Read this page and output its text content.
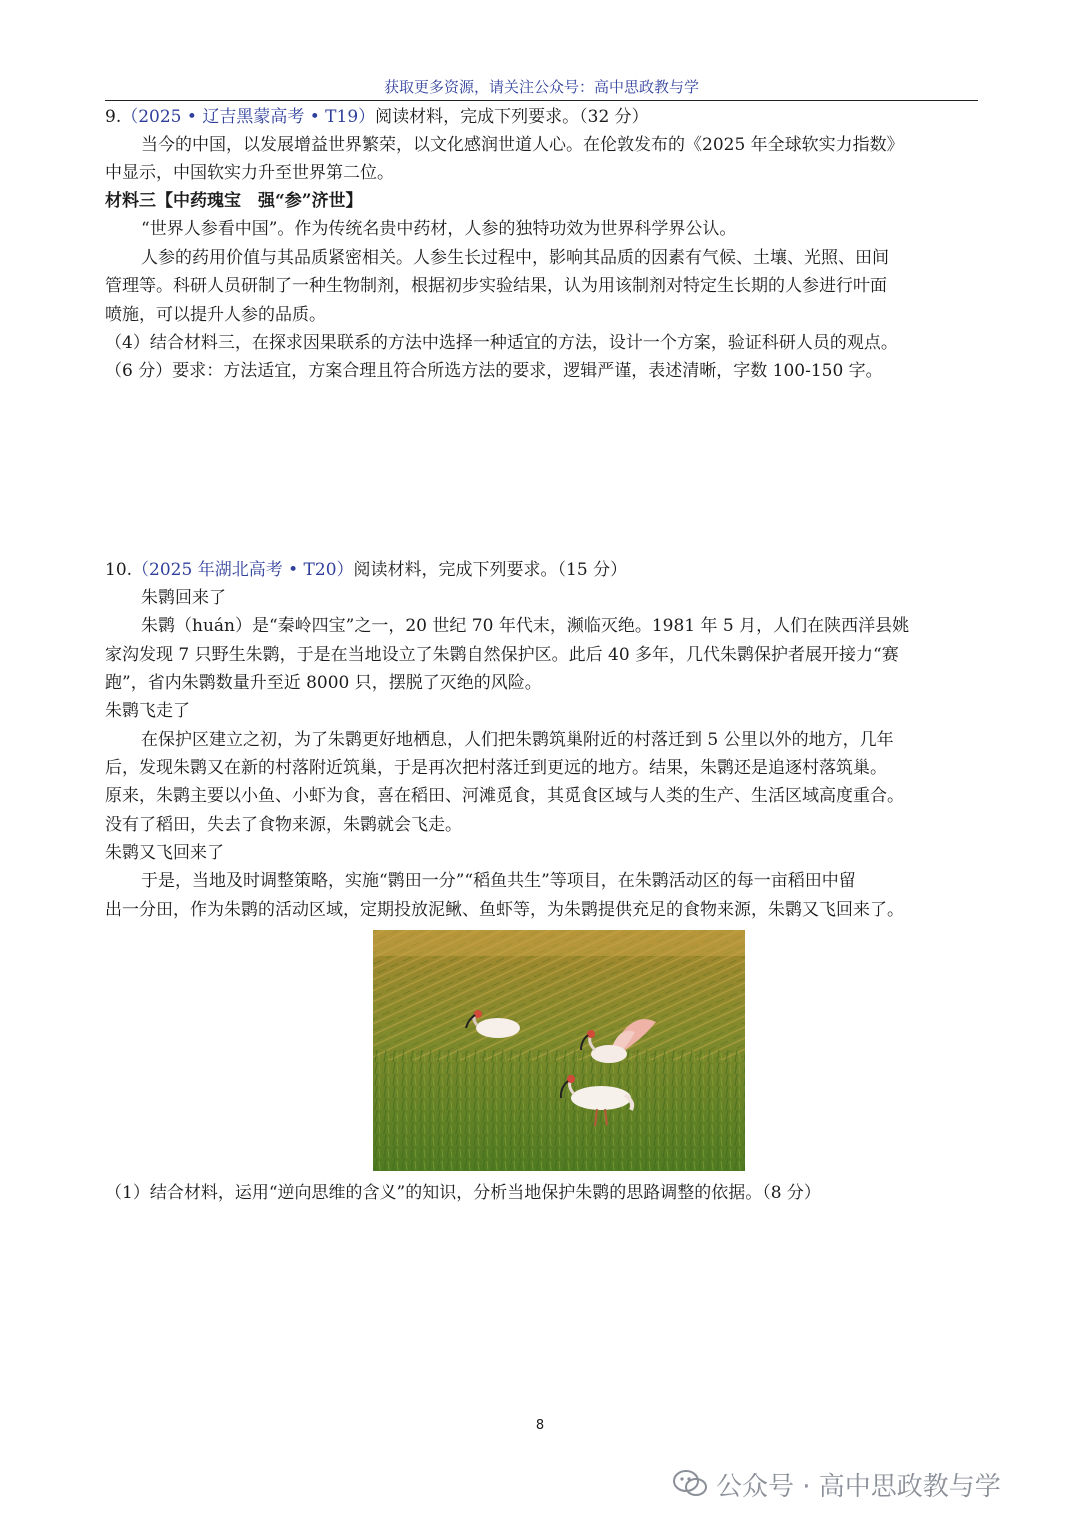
获取更多资源，请关注公众号：高中思政教与学
9.（2025 • 辽吉黑蒙高考 • T19）阅读材料，完成下列要求。（32 分）
当今的中国，以发展增益世界繁荣，以文化感润世道人心。在伦敦发布的《2025 年全球软实力指数》
中显示，中国软实力升至世界第二位。
材料三【中药瑰宝　强“参”济世】
“世界人参看中国”。作为传统名贵中药材，人参的独特功效为世界科学界公认。
人参的药用价值与其品质紧密相关。人参生长过程中，影响其品质的因素有气候、土壤、光照、田间
管理等。科研人员研制了一种生物制剂，根据初步实验结果，认为用该制剂对特定生长期的人参进行叶面
喷施，可以提升人参的品质。
（4）结合材料三，在探求因果联系的方法中选择一种适宜的方法，设计一个方案，验证科研人员的观点。
（6 分）要求：方法适宜，方案合理且符合所选方法的要求，逻辑严谨，表述清晰，字数 100-150 字。
10.（2025 年湖北高考 • T20）阅读材料，完成下列要求。（15 分）
朱鹮回来了
朱鹮（huán）是“秦岭四宝”之一，20 世纪 70 年代末，濒临灭绝。1981 年 5 月，人们在陕西洋县姚
家沟发现 7 只野生朱鹮，于是在当地设立了朱鹮自然保护区。此后 40 多年，几代朱鹮保护者展开接力“赛
跑”，省内朱鹮数量升至近 8000 只，摆脱了灭绝的风险。
朱鹮飞走了
在保护区建立之初，为了朱鹮更好地栖息，人们把朱鹮筑巢附近的村落迁到 5 公里以外的地方，几年
后，发现朱鹮又在新的村落附近筑巢，于是再次把村落迁到更远的地方。结果，朱鹮还是追逐村落筑巢。
原来，朱鹮主要以小鱼、小虾为食，喜在稻田、河滩觅食，其觅食区域与人类的生产、生活区域高度重合。
没有了稻田，失去了食物来源，朱鹮就会飞走。
朱鹮又飞回来了
于是，当地及时调整策略，实施“鹮田一分”“稻鱼共生”等项目，在朱鹮活动区的每一亩稻田中留
出一分田，作为朱鹮的活动区域，定期投放泥鳅、鱼虾等，为朱鹮提供充足的食物来源，朱鹮又飞回来了。
（1）结合材料，运用“逆向思维的含义”的知识，分析当地保护朱鹮的思路调整的依据。（8 分）
8
公众号 · 高中思政教与学
